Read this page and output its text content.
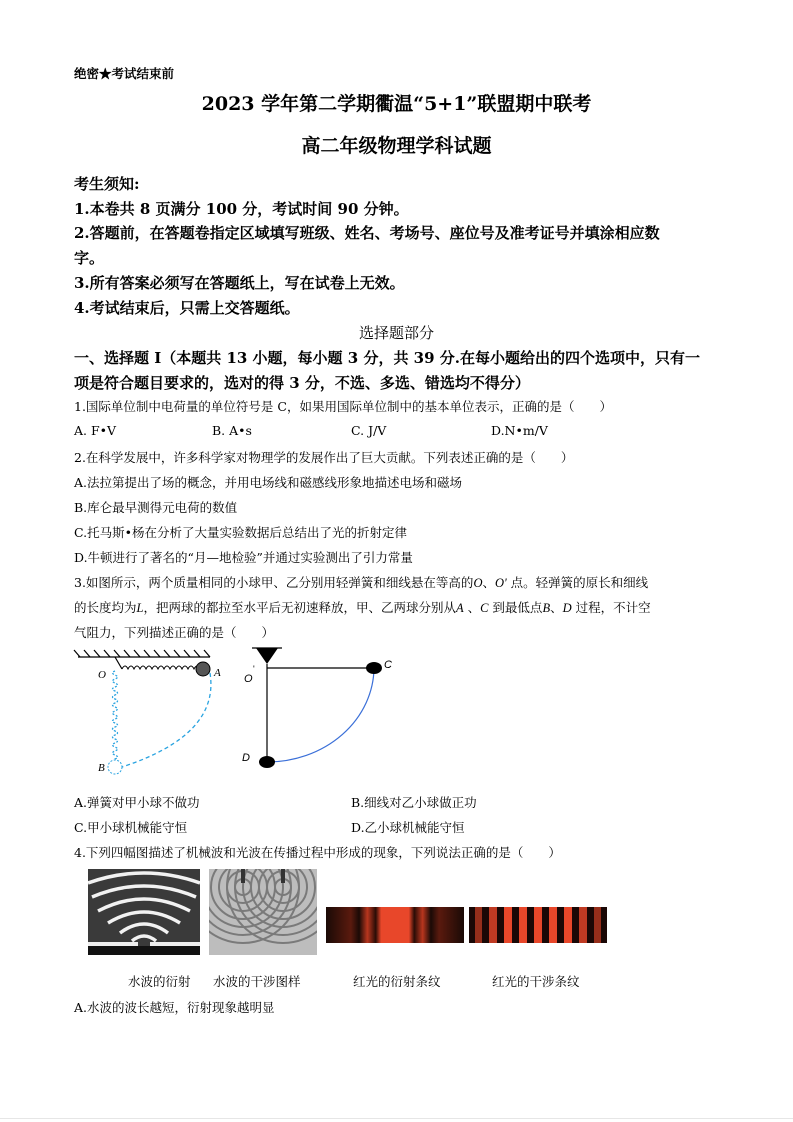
绝密★考试结束前
2023 学年第二学期衢温“5+1”联盟期中联考
高二年级物理学科试题
考生须知:
1.本卷共 8 页满分 100 分，考试时间 90 分钟。
2.答题前，在答题卷指定区域填写班级、姓名、考场号、座位号及准考证号并填涂相应数
字。
3.所有答案必须写在答题纸上，写在试卷上无效。
4.考试结束后，只需上交答题纸。
选择题部分
一、选择题 I（本题共 13 小题，每小题 3 分，共 39 分.在每小题给出的四个选项中，只有一
项是符合题目要求的，选对的得 3 分，不选、多选、错选均不得分）
1.国际单位制中电荷量的单位符号是 C，如果用国际单位制中的基本单位表示，正确的是（　　）
A. F•V	B. A•s	C. J/V	D.N•m/V
2.在科学发展中，许多科学家对物理学的发展作出了巨大贡献。下列表述正确的是（　　）
A.法拉第提出了场的概念，并用电场线和磁感线形象地描述电场和磁场
B.库仑最早测得元电荷的数值
C.托马斯•杨在分析了大量实验数据后总结出了光的折射定律
D.牛顿进行了著名的“月—地检验”并通过实验测出了引力常量
3.如图所示，两个质量相同的小球甲、乙分别用轻弹簧和细线悬在等高的O、O' 点。轻弹簧的原长和细线
的长度均为L，把两球的都拉至水平后无初速释放，甲、乙两球分别从A 、C 到最低点B、D 过程，不计空
气阻力，下列描述正确的是（　　）
O	A
B
O
'	C
D
A.弹簧对甲小球不做功	B.细线对乙小球做正功
C.甲小球机械能守恒	D.乙小球机械能守恒
4.下列四幅图描述了机械波和光波在传播过程中形成的现象，下列说法正确的是（　　）
水波的衍射 水波的干涉图样	红光的衍射条纹	红光的干涉条纹
A.水波的波长越短，衍射现象越明显
